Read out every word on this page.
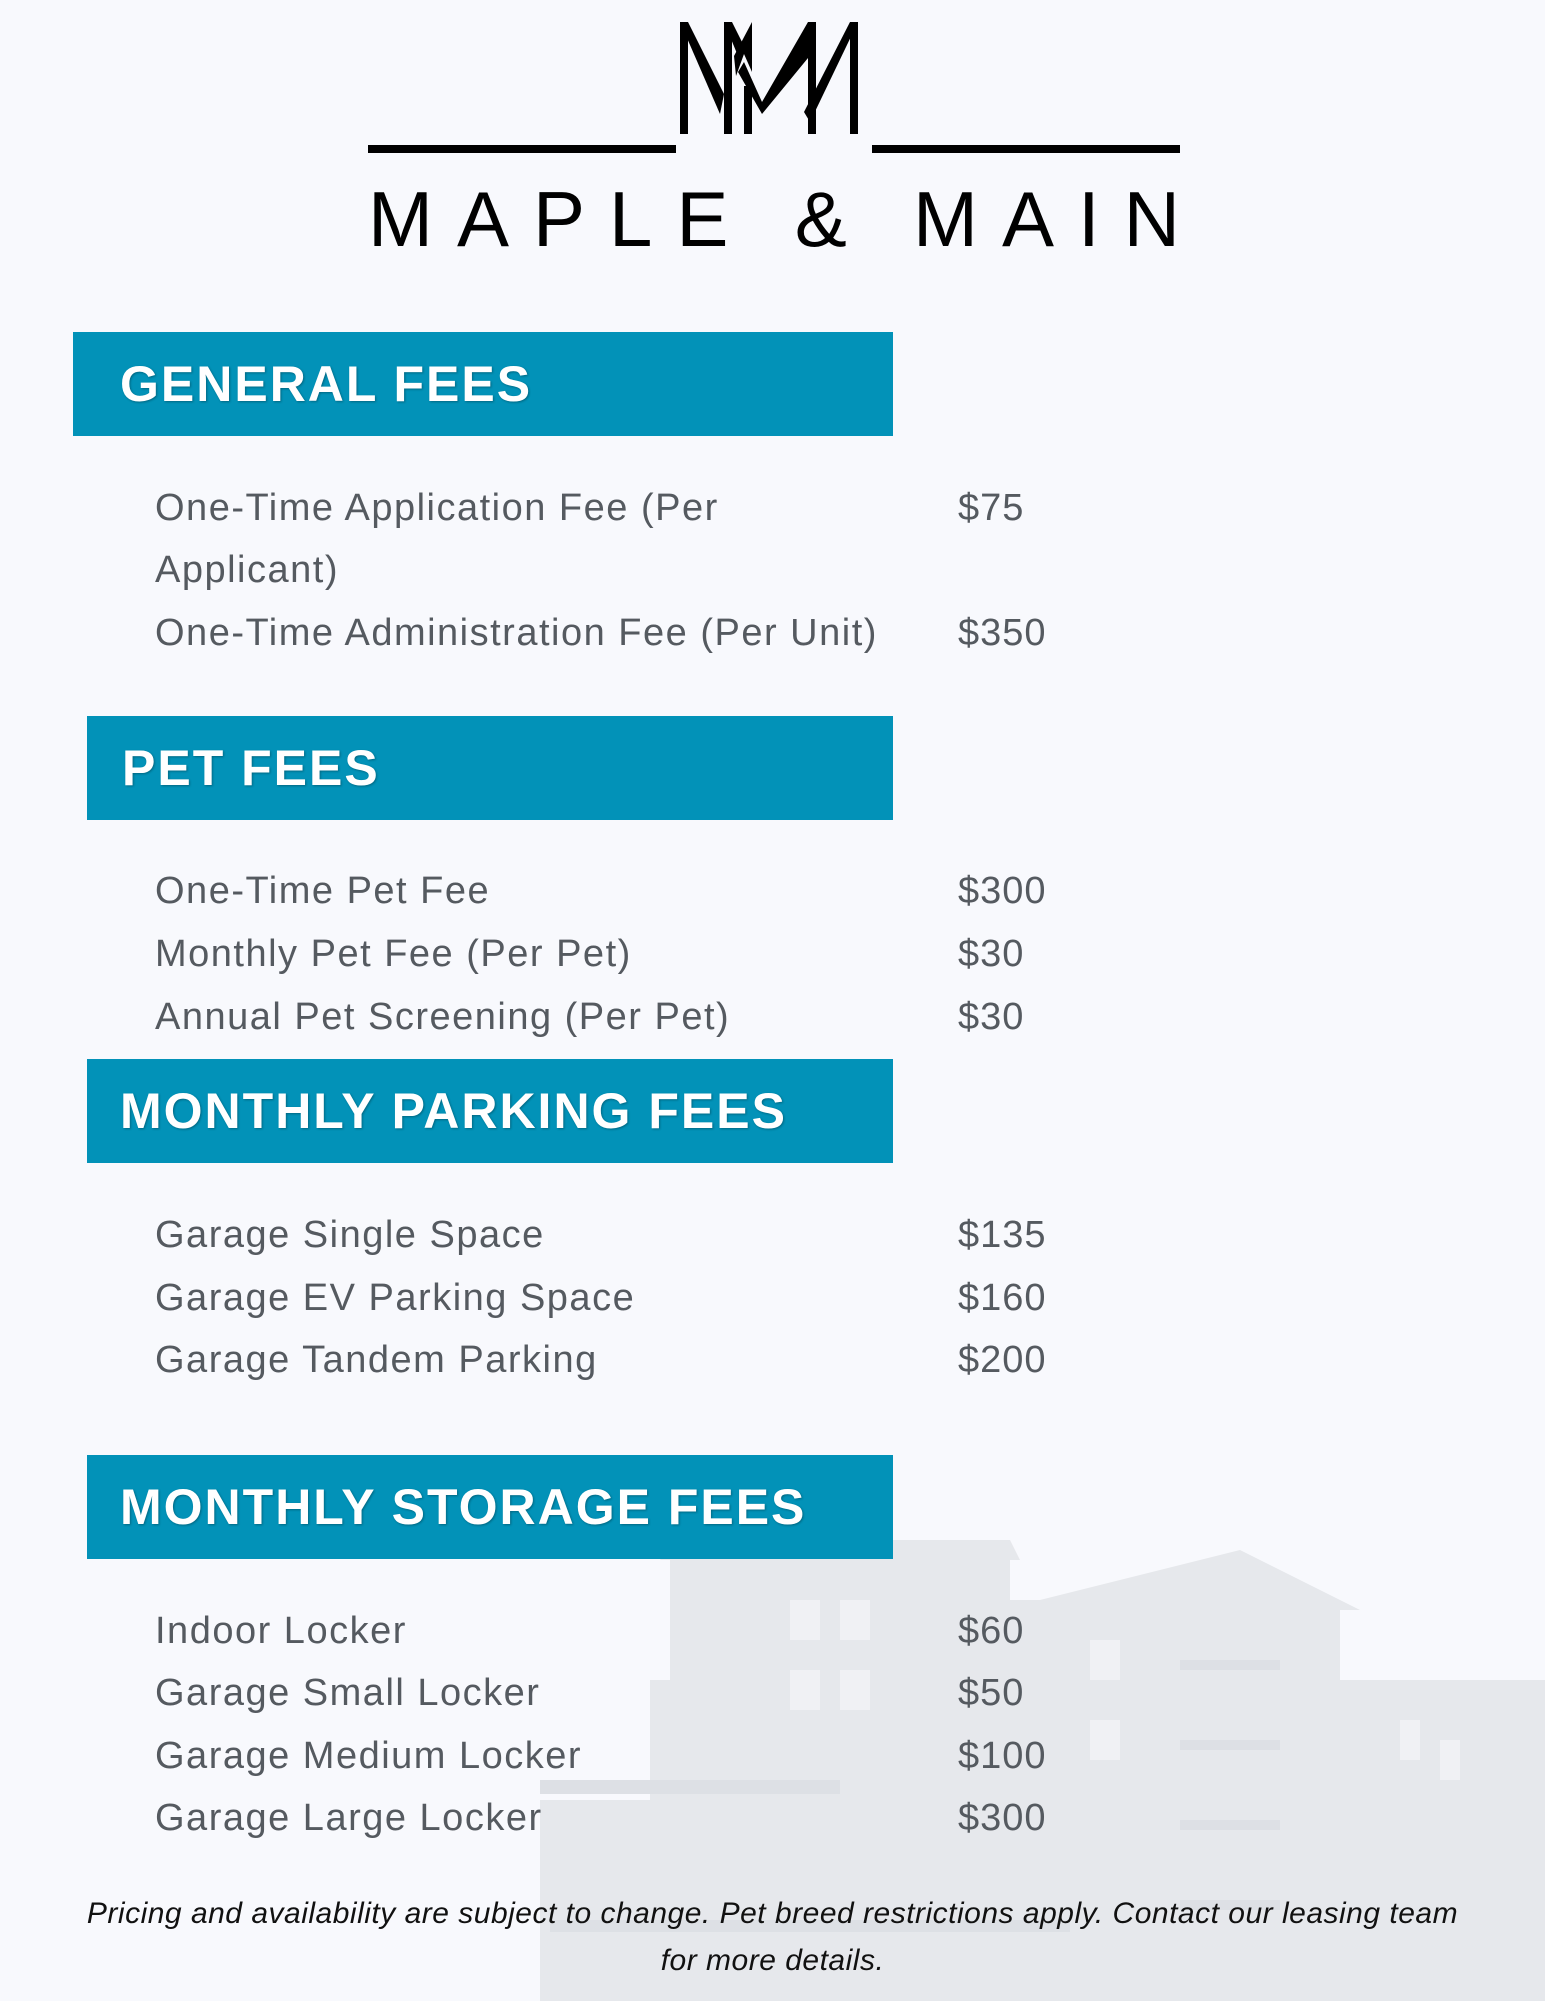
MAPLE & MAIN
GENERAL FEES
One-Time Application Fee (Per
Applicant)
$75
One-Time Administration Fee (Per Unit) $350
PET FEES
One-Time Pet Fee	$300
Monthly Pet Fee (Per Pet)	$30
Annual Pet Screening (Per Pet)	$30
MONTHLY PARKING FEES
Garage Single Space	$135
Garage EV Parking Space	$160
Garage Tandem Parking	$200
MONTHLY STORAGE FEES
Indoor Locker	$60
Garage Small Locker	$50
Garage Medium Locker	$100
Garage Large Locker	$300
Pricing and availability are subject to change. Pet breed restrictions apply. Contact our leasing team
for more details.
